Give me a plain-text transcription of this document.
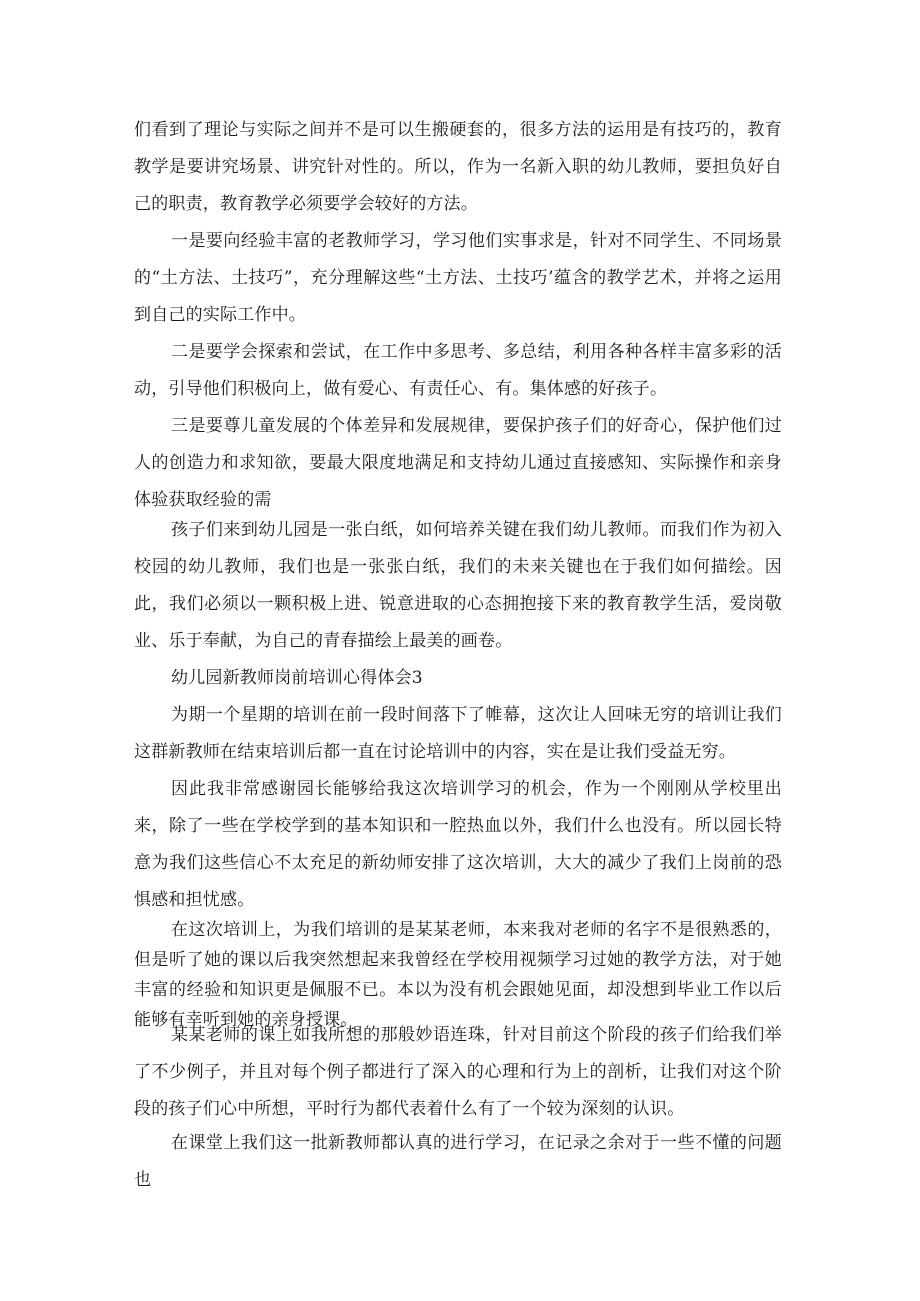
们看到了理论与实际之间并不是可以生搬硬套的，很多方法的运用是有技巧的，教育教学是要讲究场景、讲究针对性的。所以，作为一名新入职的幼儿教师，要担负好自己的职责，教育教学必须要学会较好的方法。

一是要向经验丰富的老教师学习，学习他们实事求是，针对不同学生、不同场景的“土方法、土技巧”，充分理解这些“土方法、土技巧’蕴含的教学艺术，并将之运用到自己的实际工作中。

二是要学会探索和尝试，在工作中多思考、多总结，利用各种各样丰富多彩的活动，引导他们积极向上，做有爱心、有责任心、有。集体感的好孩子。

三是要尊儿童发展的个体差异和发展规律，要保护孩子们的好奇心，保护他们过人的创造力和求知欲，要最大限度地满足和支持幼儿通过直接感知、实际操作和亲身体验获取经验的需

孩子们来到幼儿园是一张白纸，如何培养关键在我们幼儿教师。而我们作为初入校园的幼儿教师，我们也是一张张白纸，我们的未来关键也在于我们如何描绘。因此，我们必须以一颗积极上进、锐意进取的心态拥抱接下来的教育教学生活，爱岗敬业、乐于奉献，为自己的青春描绘上最美的画卷。

幼儿园新教师岗前培训心得体会3

为期一个星期的培训在前一段时间落下了帷幕，这次让人回味无穷的培训让我们这群新教师在结束培训后都一直在讨论培训中的内容，实在是让我们受益无穷。

因此我非常感谢园长能够给我这次培训学习的机会，作为一个刚刚从学校里出来，除了一些在学校学到的基本知识和一腔热血以外，我们什么也没有。所以园长特意为我们这些信心不太充足的新幼师安排了这次培训，大大的减少了我们上岗前的恐惧感和担忧感。

在这次培训上，为我们培训的是某某老师，本来我对老师的名字不是很熟悉的，但是听了她的课以后我突然想起来我曾经在学校用视频学习过她的教学方法，对于她丰富的经验和知识更是佩服不已。本以为没有机会跟她见面，却没想到毕业工作以后能够有幸听到她的亲身授课。

某某老师的课上如我所想的那般妙语连珠，针对目前这个阶段的孩子们给我们举了不少例子，并且对每个例子都进行了深入的心理和行为上的剖析，让我们对这个阶段的孩子们心中所想，平时行为都代表着什么有了一个较为深刻的认识。

在课堂上我们这一批新教师都认真的进行学习，在记录之余对于一些不懂的问题也
